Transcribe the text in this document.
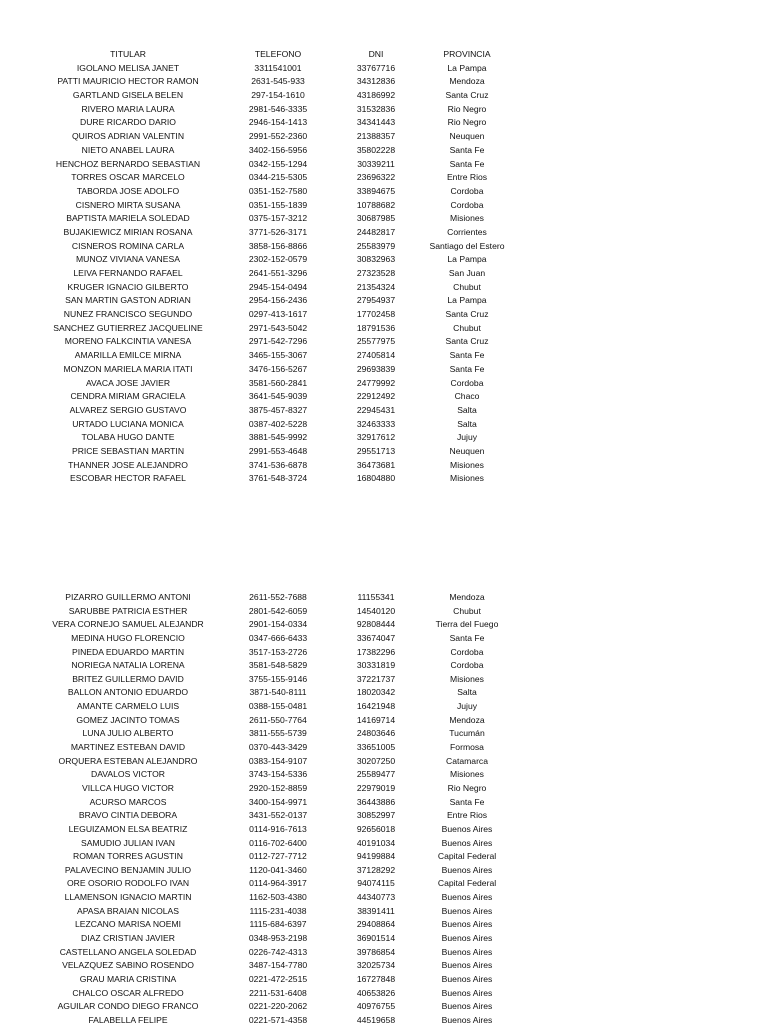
TITULAR	TELEFONO	DNI	PROVINCIA
IGOLANO MELISA JANET	3311541001	33767716	La Pampa
PATTI MAURICIO HECTOR RAMON	2631-545-933	34312836	Mendoza
GARTLAND GISELA BELEN	297-154-1610	43186992	Santa Cruz
RIVERO MARIA LAURA	2981-546-3335	31532836	Rio Negro
DURE RICARDO DARIO	2946-154-1413	34341443	Rio Negro
QUIROS ADRIAN VALENTIN	2991-552-2360	21388357	Neuquen
NIETO ANABEL LAURA	3402-156-5956	35802228	Santa Fe
HENCHOZ BERNARDO SEBASTIAN	0342-155-1294	30339211	Santa Fe
TORRES OSCAR MARCELO	0344-215-5305	23696322	Entre Rios
TABORDA JOSE ADOLFO	0351-152-7580	33894675	Cordoba
CISNERO MIRTA SUSANA	0351-155-1839	10788682	Cordoba
BAPTISTA MARIELA SOLEDAD	0375-157-3212	30687985	Misiones
BUJAKIEWICZ MIRIAN ROSANA	3771-526-3171	24482817	Corrientes
CISNEROS ROMINA CARLA	3858-156-8866	25583979	Santiago del Estero
MUNOZ VIVIANA VANESA	2302-152-0579	30832963	La Pampa
LEIVA FERNANDO RAFAEL	2641-551-3296	27323528	San Juan
KRUGER IGNACIO GILBERTO	2945-154-0494	21354324	Chubut
SAN MARTIN GASTON ADRIAN	2954-156-2436	27954937	La Pampa
NUNEZ FRANCISCO SEGUNDO	0297-413-1617	17702458	Santa Cruz
SANCHEZ GUTIERREZ JACQUELINE	2971-543-5042	18791536	Chubut
MORENO FALKCINTIA VANESA	2971-542-7296	25577975	Santa Cruz
AMARILLA EMILCE MIRNA	3465-155-3067	27405814	Santa Fe
MONZON MARIELA MARIA ITATI	3476-156-5267	29693839	Santa Fe
AVACA JOSE JAVIER	3581-560-2841	24779992	Cordoba
CENDRA MIRIAM GRACIELA	3641-545-9039	22912492	Chaco
ALVAREZ SERGIO GUSTAVO	3875-457-8327	22945431	Salta
URTADO LUCIANA MONICA	0387-402-5228	32463333	Salta
TOLABA HUGO DANTE	3881-545-9992	32917612	Jujuy
PRICE SEBASTIAN MARTIN	2991-553-4648	29551713	Neuquen
THANNER JOSE ALEJANDRO	3741-536-6878	36473681	Misiones
ESCOBAR HECTOR RAFAEL	3761-548-3724	16804880	Misiones
PIZARRO GUILLERMO ANTONI	2611-552-7688	11155341	Mendoza
SARUBBE PATRICIA ESTHER	2801-542-6059	14540120	Chubut
VERA CORNEJO SAMUEL ALEJANDR	2901-154-0334	92808444	Tierra del Fuego
MEDINA HUGO FLORENCIO	0347-666-6433	33674047	Santa Fe
PINEDA EDUARDO MARTIN	3517-153-2726	17382296	Cordoba
NORIEGA NATALIA LORENA	3581-548-5829	30331819	Cordoba
BRITEZ GUILLERMO DAVID	3755-155-9146	37221737	Misiones
BALLON ANTONIO EDUARDO	3871-540-8111	18020342	Salta
AMANTE CARMELO LUIS	0388-155-0481	16421948	Jujuy
GOMEZ JACINTO TOMAS	2611-550-7764	14169714	Mendoza
LUNA JULIO ALBERTO	3811-555-5739	24803646	Tucumán
MARTINEZ ESTEBAN DAVID	0370-443-3429	33651005	Formosa
ORQUERA ESTEBAN ALEJANDRO	0383-154-9107	30207250	Catamarca
DAVALOS VICTOR	3743-154-5336	25589477	Misiones
VILLCA HUGO VICTOR	2920-152-8859	22979019	Rio Negro
ACURSO MARCOS	3400-154-9971	36443886	Santa Fe
BRAVO CINTIA DEBORA	3431-552-0137	30852997	Entre Rios
LEGUIZAMON ELSA BEATRIZ	0114-916-7613	92656018	Buenos Aires
SAMUDIO JULIAN IVAN	0116-702-6400	40191034	Buenos Aires
ROMAN TORRES AGUSTIN	0112-727-7712	94199884	Capital Federal
PALAVECINO BENJAMIN JULIO	1120-041-3460	37128292	Buenos Aires
ORE OSORIO RODOLFO IVAN	0114-964-3917	94074115	Capital Federal
LLAMENSON IGNACIO MARTIN	1162-503-4380	44340773	Buenos Aires
APASA BRAIAN NICOLAS	1115-231-4038	38391411	Buenos Aires
LEZCANO MARISA NOEMI	1115-684-6397	29408864	Buenos Aires
DIAZ CRISTIAN JAVIER	0348-953-2198	36901514	Buenos Aires
CASTELLANO ANGELA SOLEDAD	0226-742-4313	39786854	Buenos Aires
VELAZQUEZ SABINO ROSENDO	3487-154-7780	32025734	Buenos Aires
GRAU MARIA CRISTINA	0221-472-2515	16727848	Buenos Aires
CHALCO OSCAR ALFREDO	2211-531-6408	40653826	Buenos Aires
AGUILAR CONDO DIEGO FRANCO	0221-220-2062	40976755	Buenos Aires
FALABELLA FELIPE	0221-571-4358	44519658	Buenos Aires
